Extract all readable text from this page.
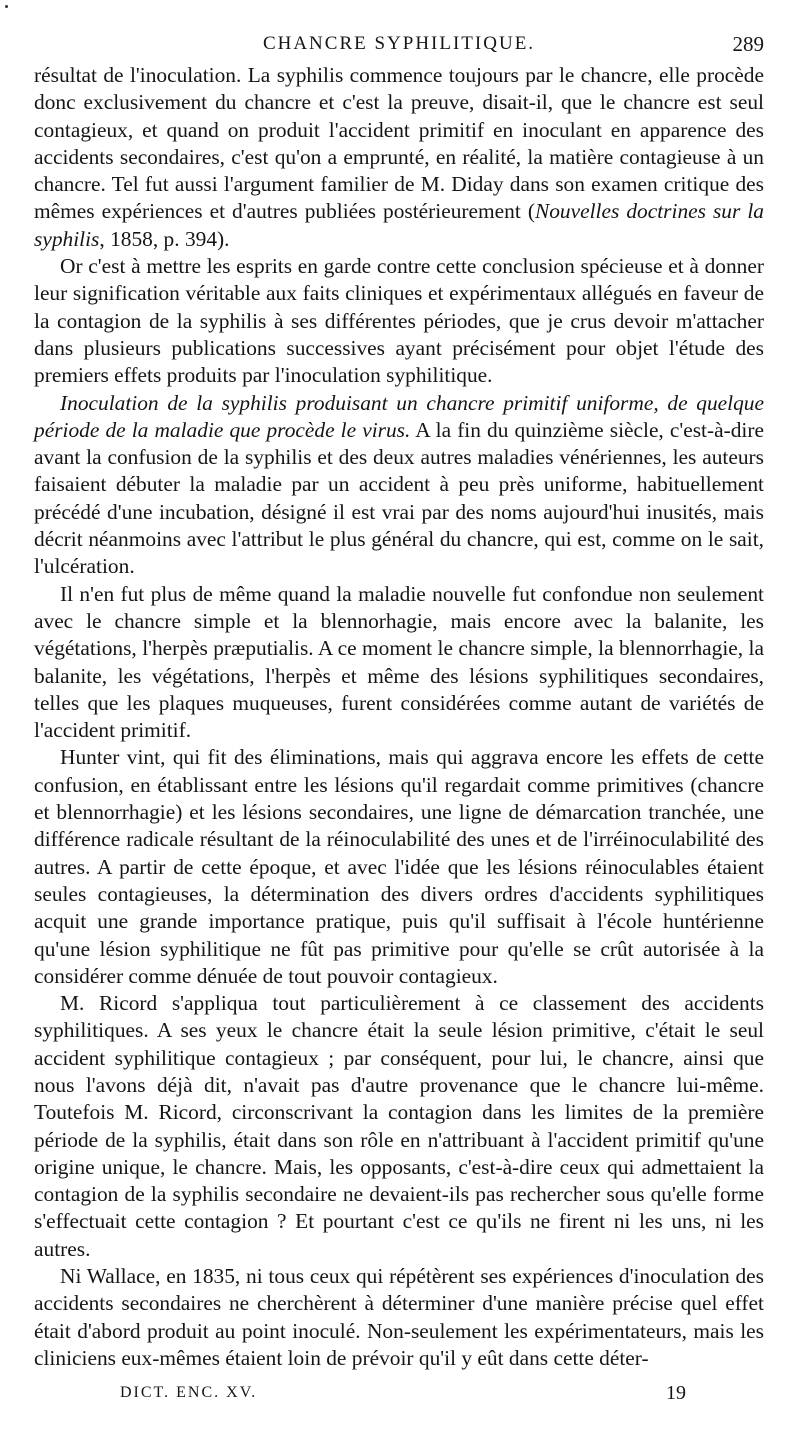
CHANCRE SYPHILITIQUE.	289

résultat de l'inoculation. La syphilis commence toujours par le chancre, elle procède donc exclusivement du chancre et c'est la preuve, disait-il, que le chancre est seul contagieux, et quand on produit l'accident primitif en inoculant en apparence des accidents secondaires, c'est qu'on a emprunté, en réalité, la matière contagieuse à un chancre. Tel fut aussi l'argument familier de M. Diday dans son examen critique des mêmes expériences et d'autres publiées postérieurement (Nouvelles doctrines sur la syphilis, 1858, p. 394).

Or c'est à mettre les esprits en garde contre cette conclusion spécieuse et à donner leur signification véritable aux faits cliniques et expérimentaux allégués en faveur de la contagion de la syphilis à ses différentes périodes, que je crus devoir m'attacher dans plusieurs publications successives ayant précisément pour objet l'étude des premiers effets produits par l'inoculation syphilitique.

Inoculation de la syphilis produisant un chancre primitif uniforme, de quelque période de la maladie que procède le virus. A la fin du quinzième siècle, c'est-à-dire avant la confusion de la syphilis et des deux autres maladies vénériennes, les auteurs faisaient débuter la maladie par un accident à peu près uniforme, habituellement précédé d'une incubation, désigné il est vrai par des noms aujourd'hui inusités, mais décrit néanmoins avec l'attribut le plus général du chancre, qui est, comme on le sait, l'ulcération.

Il n'en fut plus de même quand la maladie nouvelle fut confondue non seulement avec le chancre simple et la blennorhagie, mais encore avec la balanite, les végétations, l'herpès præputialis. A ce moment le chancre simple, la blennorrhagie, la balanite, les végétations, l'herpès et même des lésions syphilitiques secondaires, telles que les plaques muqueuses, furent considérées comme autant de variétés de l'accident primitif.

Hunter vint, qui fit des éliminations, mais qui aggrava encore les effets de cette confusion, en établissant entre les lésions qu'il regardait comme primitives (chancre et blennorrhagie) et les lésions secondaires, une ligne de démarcation tranchée, une différence radicale résultant de la réinoculabilité des unes et de l'irréinoculabilité des autres. A partir de cette époque, et avec l'idée que les lésions réinoculables étaient seules contagieuses, la détermination des divers ordres d'accidents syphilitiques acquit une grande importance pratique, puis qu'il suffisait à l'école huntérienne qu'une lésion syphilitique ne fût pas primitive pour qu'elle se crût autorisée à la considérer comme dénuée de tout pouvoir contagieux.

M. Ricord s'appliqua tout particulièrement à ce classement des accidents syphilitiques. A ses yeux le chancre était la seule lésion primitive, c'était le seul accident syphilitique contagieux ; par conséquent, pour lui, le chancre, ainsi que nous l'avons déjà dit, n'avait pas d'autre provenance que le chancre lui-même. Toutefois M. Ricord, circonscrivant la contagion dans les limites de la première période de la syphilis, était dans son rôle en n'attribuant à l'accident primitif qu'une origine unique, le chancre. Mais, les opposants, c'est-à-dire ceux qui admettaient la contagion de la syphilis secondaire ne devaient-ils pas rechercher sous qu'elle forme s'effectuait cette contagion ? Et pourtant c'est ce qu'ils ne firent ni les uns, ni les autres.

Ni Wallace, en 1835, ni tous ceux qui répétèrent ses expériences d'inoculation des accidents secondaires ne cherchèrent à déterminer d'une manière précise quel effet était d'abord produit au point inoculé. Non-seulement les expérimentateurs, mais les cliniciens eux-mêmes étaient loin de prévoir qu'il y eût dans cette déter-

DICT. ENC. XV.	19
